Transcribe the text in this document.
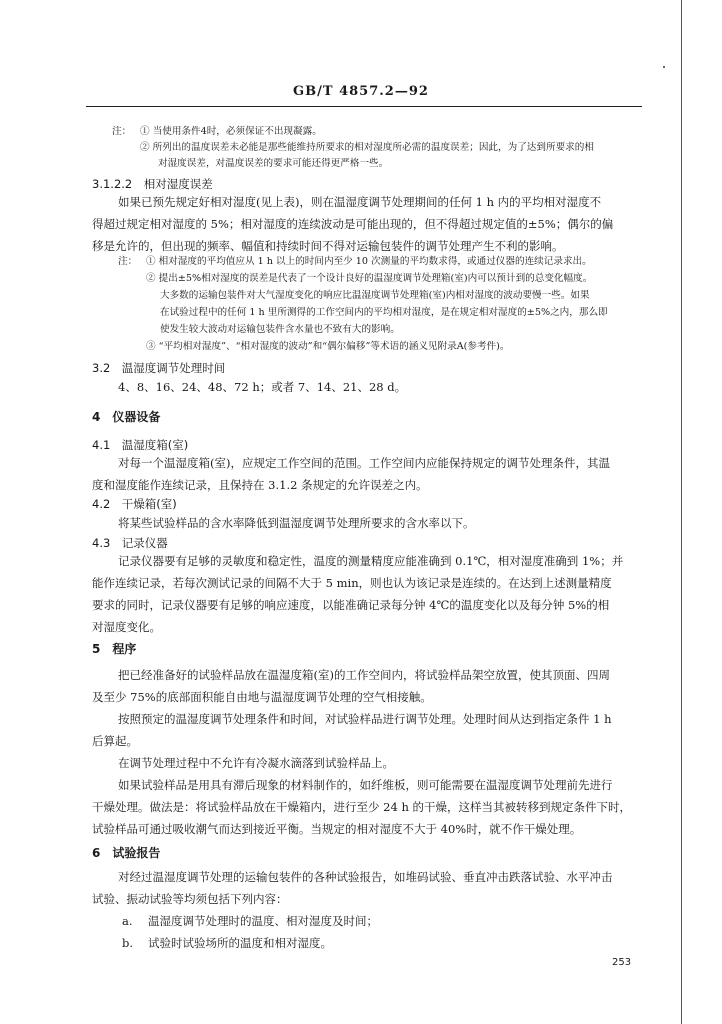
GB/T 4857.2—92
注： ① 当使用条件4时，必须保证不出现凝露。
② 所列出的温度误差未必能是那些能维持所要求的相对湿度所必需的温度误差；因此，为了达到所要求的相
对湿度误差，对温度误差的要求可能还得更严格一些。
3.1.2.2　相对湿度误差
如果已预先规定好相对湿度(见上表)，则在温湿度调节处理期间的任何 1 h 内的平均相对湿度不
得超过规定相对湿度的 5%；相对湿度的连续波动是可能出现的，但不得超过规定值的±5%；偶尔的偏
移是允许的，但出现的频率、幅值和持续时间不得对运输包装件的调节处理产生不利的影响。
注： ① 相对湿度的平均值应从 1 h 以上的时间内至少 10 次测量的平均数求得，或通过仪器的连续记录求出。
② 提出±5%相对湿度的误差是代表了一个设计良好的温湿度调节处理箱(室)内可以预计到的总变化幅度。
大多数的运输包装件对大气湿度变化的响应比温湿度调节处理箱(室)内相对湿度的波动要慢一些。如果
在试验过程中的任何 1 h 里所测得的工作空间内的平均相对湿度，是在规定相对湿度的±5%之内，那么即
使发生较大波动对运输包装件含水量也不致有大的影响。
③ “平均相对湿度”、“相对湿度的波动”和“偶尔偏移”等术语的涵义见附录A(参考件)。
3.2　温湿度调节处理时间
4、8、16、24、48、72 h；或者 7、14、21、28 d。
4　仪器设备
4.1　温湿度箱(室)
对每一个温湿度箱(室)，应规定工作空间的范围。工作空间内应能保持规定的调节处理条件，其温
度和湿度能作连续记录，且保持在 3.1.2 条规定的允许误差之内。
4.2　干燥箱(室)
将某些试验样品的含水率降低到温湿度调节处理所要求的含水率以下。
4.3　记录仪器
记录仪器要有足够的灵敏度和稳定性，温度的测量精度应能准确到 0.1℃，相对湿度准确到 1%；并
能作连续记录，若每次测试记录的间隔不大于 5 min，则也认为该记录是连续的。在达到上述测量精度
要求的同时，记录仪器要有足够的响应速度，以能准确记录每分钟 4℃的温度变化以及每分钟 5%的相
对湿度变化。
5　程序
把已经准备好的试验样品放在温湿度箱(室)的工作空间内，将试验样品架空放置，使其顶面、四周
及至少 75%的底部面积能自由地与温湿度调节处理的空气相接触。
按照预定的温湿度调节处理条件和时间，对试验样品进行调节处理。处理时间从达到指定条件 1 h
后算起。
在调节处理过程中不允许有冷凝水滴落到试验样品上。
如果试验样品是用具有滞后现象的材料制作的，如纤维板，则可能需要在温湿度调节处理前先进行
干燥处理。做法是：将试验样品放在干燥箱内，进行至少 24 h 的干燥，这样当其被转移到规定条件下时，
试验样品可通过吸收潮气而达到接近平衡。当规定的相对湿度不大于 40%时，就不作干燥处理。
6　试验报告
对经过温湿度调节处理的运输包装件的各种试验报告，如堆码试验、垂直冲击跌落试验、水平冲击
试验、振动试验等均须包括下列内容：
a. 温湿度调节处理时的温度、相对湿度及时间；
b. 试验时试验场所的温度和相对湿度。
253
